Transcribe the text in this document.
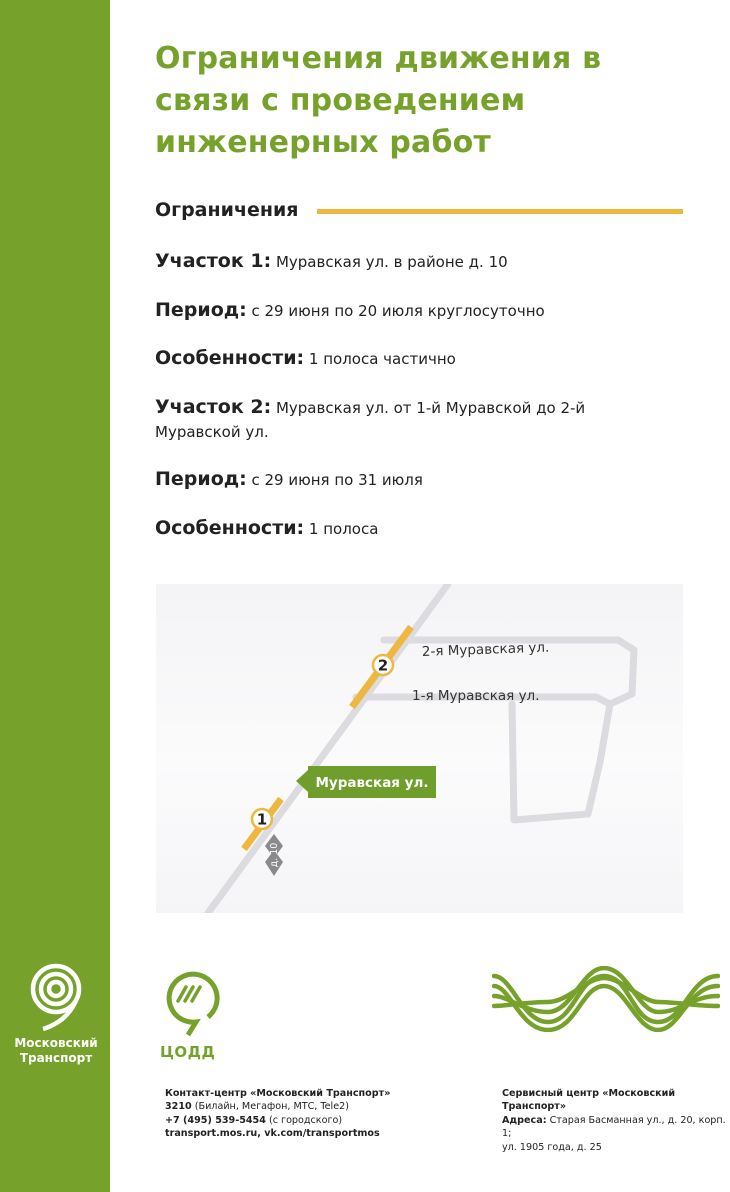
Московский
Транспорт
Ограничения движения в связи с проведением инженерных работ
Ограничения
Участок 1: Муравская ул. в районе д. 10
Период: с 29 июня по 20 июля круглосуточно
Особенности: 1 полоса частично
Участок 2: Муравская ул. от 1-й Муравской до 2-й Муравской ул.
Период: с 29 июня по 31 июля
Особенности: 1 полоса
2
1
2-я Муравская ул.
1-я Муравская ул.
Муравская ул.
д. 10
ЦОДД
Контакт-центр «Московский Транспорт»
3210 (Билайн, Мегафон, МТС, Tele2)
+7 (495) 539-5454 (с городского)
transport.mos.ru, vk.com/transportmos
Сервисный центр «Московский Транспорт»
Адреса: Старая Басманная ул., д. 20, корп. 1;
ул. 1905 года, д. 25
